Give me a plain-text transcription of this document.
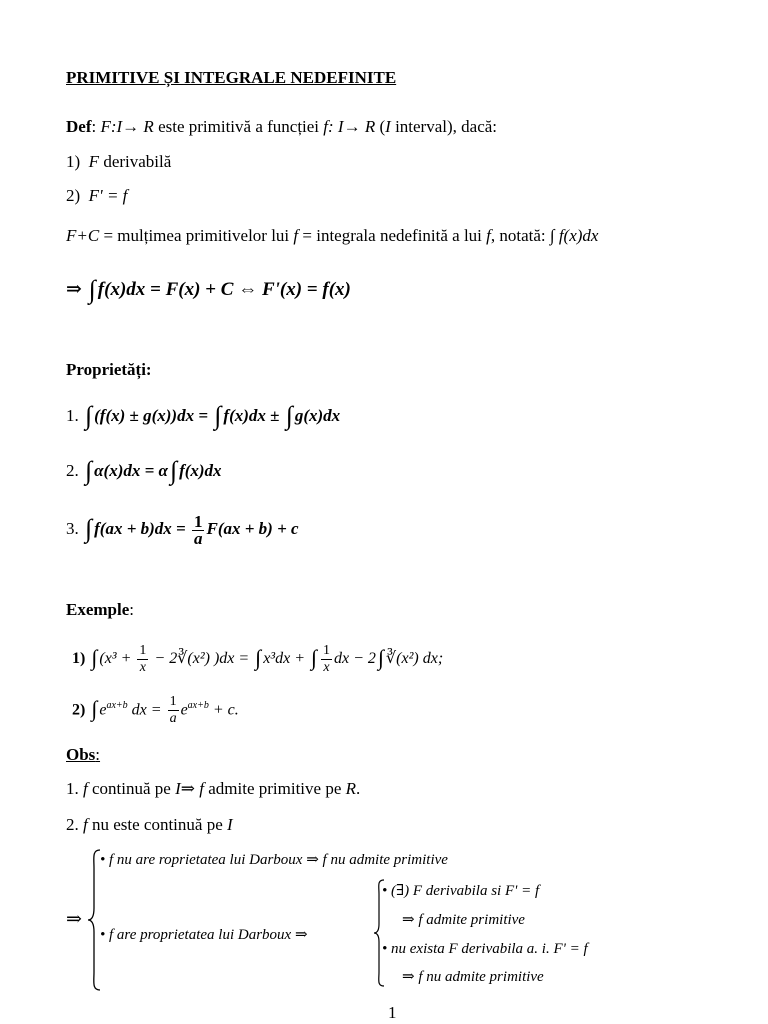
PRIMITIVE ȘI INTEGRALE NEDEFINITE
Def: F:I→ R este primitivă a funcției f: I→ R (I interval), dacă:
1) F derivabilă
2) F' = f
F+C = mulțimea primitivelor lui f = integrala nedefinită a lui f, notată: ∫ f(x)dx
⇒ ∫ f(x)dx = F(x) + C ⇔ F'(x) = f(x)
Proprietăți:
1. ∫ (f(x) ± g(x))dx = ∫ f(x)dx ± ∫ g(x)dx
2. ∫ α(x)dx = α∫ f(x)dx
3. ∫ $f(ax + b)dx = \frac{1}{a} F(ax + b) + c$
Exemple:
1) ∫ ($x^3 + \frac{1}{x}$ − 2∛(x²) )dx = ∫ x³dx + ∫ $\frac{1}{x}$ dx − 2∫ ∛(x²) dx;
2) ∫ $e^{ax+b}$ dx = $\frac{1}{a} e^{ax+b} + c$.
Obs:
1. f continuă pe I⇒ f admite primitive pe R.
2. f nu este continuă pe I
⇒
• f nu are roprietatea lui Darboux ⇒ f nu admite primitive
• f are proprietatea lui Darboux ⇒
• (∃) F derivabila si F' = f
⇒ f admite primitive
• nu exista F derivabila a. i. F' = f
⇒ f nu admite primitive
1
